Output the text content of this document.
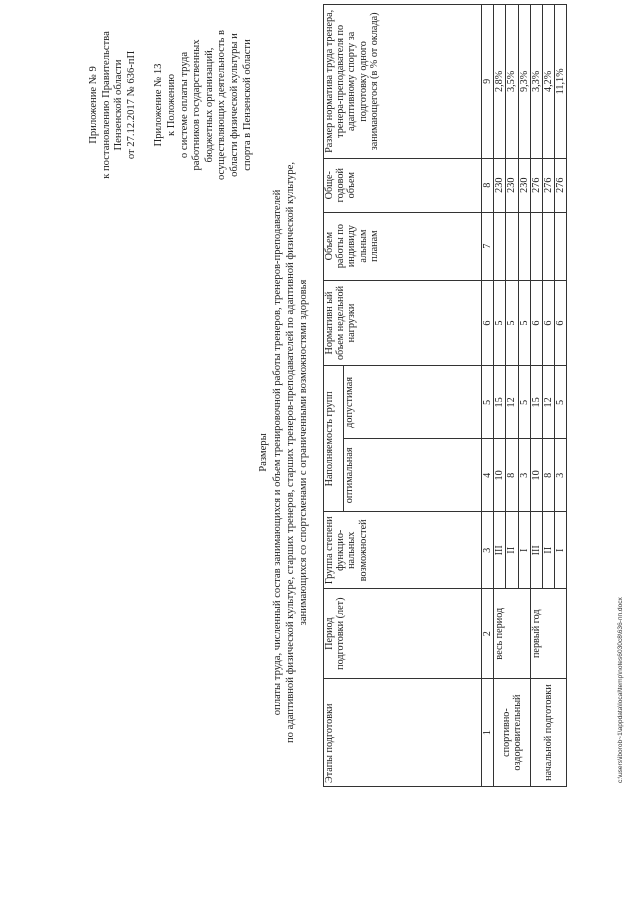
Приложение № 9 к постановлению Правительства Пензенской области от 27.12.2017 № 636-пП Приложение № 13 к Положению о системе оплаты труда работников государственных бюджетных организаций, осуществляющих деятельность в области физической культуры и спорта в Пензенской области
Размеры оплаты труда, численный состав занимающихся и объем тренировочной работы тренеров, тренеров-преподавателей по адаптивной физической культуре, старших тренеров, старших тренеров-преподавателей по адаптивной физической культуре, занимающихся со спортсменами с ограниченными возможностями здоровья
Этапы подготовки	Период подготовки (лет)	Группа степени функцио-нальных возможностей	Наполняемость групп		Нормативн ый объем недельной нагрузки	Объем работы по индивиду альным планам	Обще-годовой объем	Размер норматива труда тренера, тренера-преподавателя по адаптивному спорту за подготовку одного занимающегося (в % от оклада)
			оптимальная	допустимая				
1	2	3	4	5	6	7	8	9
спортивно-оздоровительный	весь период	III	10	15	5		230	2,8%
		II	8	12	5		230	3,5%
		I	3	5	5		230	9,3%
начальной подготовки	первый год	III	10	15	6		276	3,3%
		II	8	12	6		276	4,2%
		I	3	5	6		276	11,1%
c:\users\iborob~1\appdata\local\temp\notes6030c8\636-пп.docx
